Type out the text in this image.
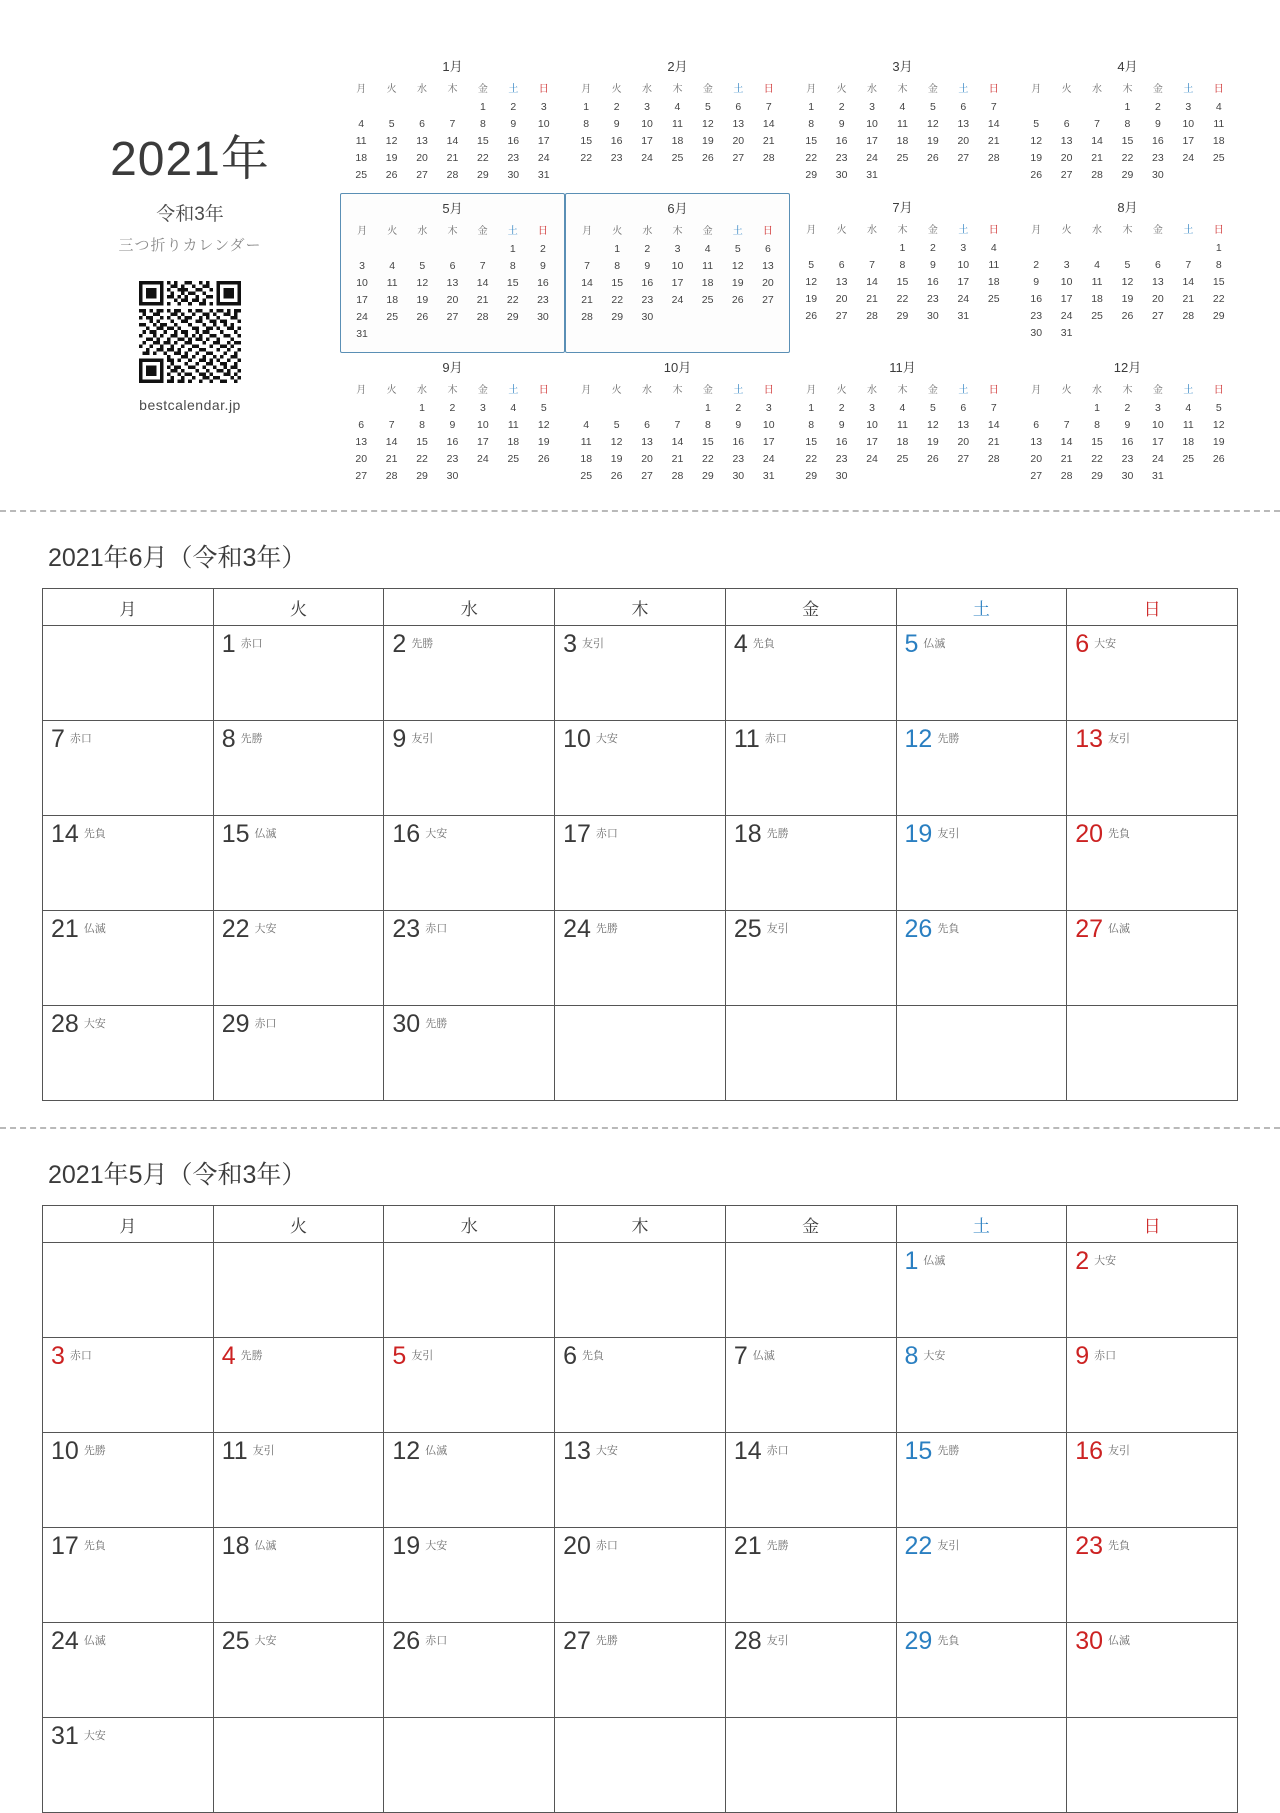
2021年
令和3年
三つ折りカレンダー
bestcalendar.jp
1月
月	火	水	木	金	土	日
				1	2	3
4	5	6	7	8	9	10
11	12	13	14	15	16	17
18	19	20	21	22	23	24
25	26	27	28	29	30	31
2月
月	火	水	木	金	土	日
1	2	3	4	5	6	7
8	9	10	11	12	13	14
15	16	17	18	19	20	21
22	23	24	25	26	27	28
3月
月	火	水	木	金	土	日
1	2	3	4	5	6	7
8	9	10	11	12	13	14
15	16	17	18	19	20	21
22	23	24	25	26	27	28
29	30	31				
4月
月	火	水	木	金	土	日
			1	2	3	4
5	6	7	8	9	10	11
12	13	14	15	16	17	18
19	20	21	22	23	24	25
26	27	28	29	30		
5月
月	火	水	木	金	土	日
					1	2
3	4	5	6	7	8	9
10	11	12	13	14	15	16
17	18	19	20	21	22	23
24	25	26	27	28	29	30
31						
6月
月	火	水	木	金	土	日
	1	2	3	4	5	6
7	8	9	10	11	12	13
14	15	16	17	18	19	20
21	22	23	24	25	26	27
28	29	30				
7月
月	火	水	木	金	土	日
			1	2	3	4
5	6	7	8	9	10	11
12	13	14	15	16	17	18
19	20	21	22	23	24	25
26	27	28	29	30	31	
8月
月	火	水	木	金	土	日
						1
2	3	4	5	6	7	8
9	10	11	12	13	14	15
16	17	18	19	20	21	22
23	24	25	26	27	28	29
30	31					
9月
月	火	水	木	金	土	日
		1	2	3	4	5
6	7	8	9	10	11	12
13	14	15	16	17	18	19
20	21	22	23	24	25	26
27	28	29	30			
10月
月	火	水	木	金	土	日
				1	2	3
4	5	6	7	8	9	10
11	12	13	14	15	16	17
18	19	20	21	22	23	24
25	26	27	28	29	30	31
11月
月	火	水	木	金	土	日
1	2	3	4	5	6	7
8	9	10	11	12	13	14
15	16	17	18	19	20	21
22	23	24	25	26	27	28
29	30					
12月
月	火	水	木	金	土	日
		1	2	3	4	5
6	7	8	9	10	11	12
13	14	15	16	17	18	19
20	21	22	23	24	25	26
27	28	29	30	31		
2021年6月（令和3年）
月	火	水	木	金	土	日
	1 赤口	2 先勝	3 友引	4 先負	5 仏滅	6 大安
7 赤口	8 先勝	9 友引	10 大安	11 赤口	12 先勝	13 友引
14 先負	15 仏滅	16 大安	17 赤口	18 先勝	19 友引	20 先負
21 仏滅	22 大安	23 赤口	24 先勝	25 友引	26 先負	27 仏滅
28 大安	29 赤口	30 先勝				
2021年5月（令和3年）
月	火	水	木	金	土	日
					1 仏滅	2 大安
3 赤口	4 先勝	5 友引	6 先負	7 仏滅	8 大安	9 赤口
10 先勝	11 友引	12 仏滅	13 大安	14 赤口	15 先勝	16 友引
17 先負	18 仏滅	19 大安	20 赤口	21 先勝	22 友引	23 先負
24 仏滅	25 大安	26 赤口	27 先勝	28 友引	29 先負	30 仏滅
31 大安						
